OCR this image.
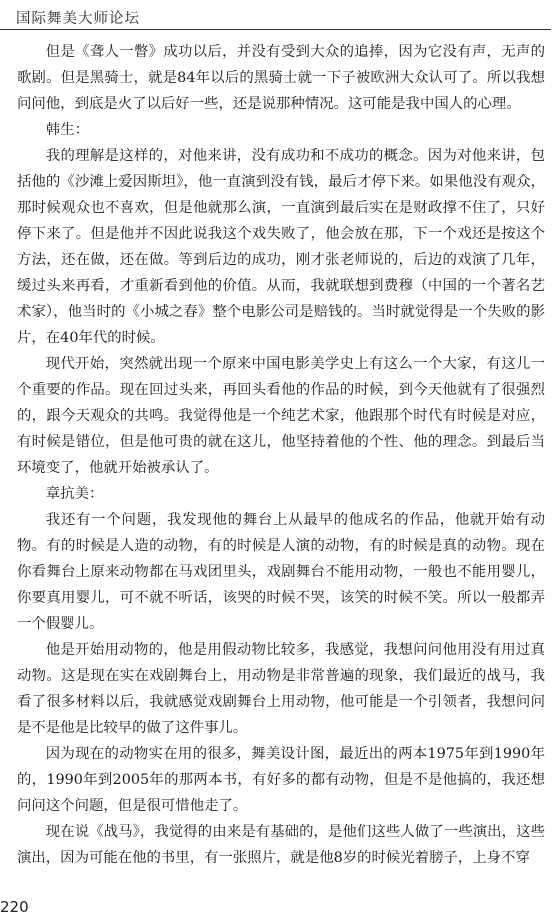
国际舞美大师论坛

但是《聋人一瞥》成功以后，并没有受到大众的追捧，因为它没有声，无声的歌剧。但是黑骑士，就是84年以后的黑骑士就一下子被欧洲大众认可了。所以我想问问他，到底是火了以后好一些，还是说那种情况。这可能是我中国人的心理。

韩生：

我的理解是这样的，对他来讲，没有成功和不成功的概念。因为对他来讲，包括他的《沙滩上爱因斯坦》，他一直演到没有钱，最后才停下来。如果他没有观众，那时候观众也不喜欢，但是他就那么演，一直演到最后实在是财政撑不住了，只好停下来了。但是他并不因此说我这个戏失败了，他会放在那，下一个戏还是按这个方法，还在做，还在做。等到后边的成功，刚才张老师说的，后边的戏演了几年，缓过头来再看，才重新看到他的价值。从而，我就联想到费穆（中国的一个著名艺术家），他当时的《小城之春》整个电影公司是赔钱的。当时就觉得是一个失败的影片，在40年代的时候。

现代开始，突然就出现一个原来中国电影美学史上有这么一个大家，有这儿一个重要的作品。现在回过头来，再回头看他的作品的时候，到今天他就有了很强烈的，跟今天观众的共鸣。我觉得他是一个纯艺术家，他跟那个时代有时候是对应，有时候是错位，但是他可贵的就在这儿，他坚持着他的个性、他的理念。到最后当环境变了，他就开始被承认了。

章抗美：

我还有一个问题，我发现他的舞台上从最早的他成名的作品，他就开始有动物。有的时候是人造的动物，有的时候是人演的动物，有的时候是真的动物。现在你看舞台上原来动物都在马戏团里头，戏剧舞台不能用动物，一般也不能用婴儿，你要真用婴儿，可不就不听话，该哭的时候不哭，该笑的时候不笑。所以一般都弄一个假婴儿。

他是开始用动物的，他是用假动物比较多，我感觉，我想问问他用没有用过真动物。这是现在实在戏剧舞台上，用动物是非常普遍的现象，我们最近的战马，我看了很多材料以后，我就感觉戏剧舞台上用动物，他可能是一个引领者，我想问问是不是他是比较早的做了这件事儿。

因为现在的动物实在用的很多，舞美设计图，最近出的两本1975年到1990年的，1990年到2005年的那两本书，有好多的都有动物，但是不是他搞的，我还想问问这个问题，但是很可惜他走了。

现在说《战马》，我觉得的由来是有基础的，是他们这些人做了一些演出，这些演出，因为可能在他的书里，有一张照片，就是他8岁的时候光着膀子，上身不穿

220
